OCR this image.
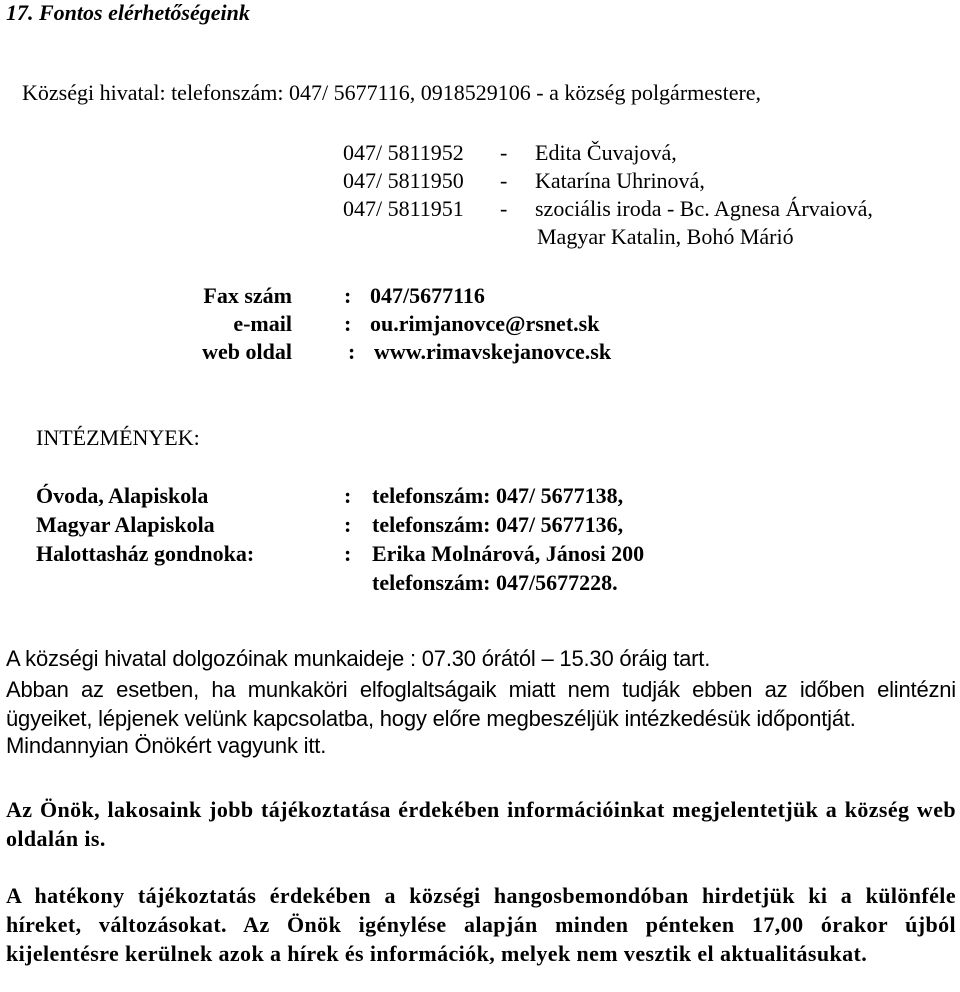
17. Fontos elérhetőségeink
Községi hivatal: telefonszám: 047/ 5677116, 0918529106 - a község polgármestere,
047/ 5811952 - Edita Čuvajová,
047/ 5811950 - Katarína Uhrinová,
047/ 5811951 - szociális iroda - Bc. Agnesa Árvaiová,
Magyar Katalin, Bohó Márió
Fax szám : 047/5677116
e-mail : ou.rimjanovce@rsnet.sk
web oldal	: www.rimavskejanovce.sk
INTÉZMÉNYEK:
Óvoda, Alapiskola	: telefonszám: 047/ 5677138,
Magyar Alapiskola	: telefonszám: 047/ 5677136,
Halottasház gondnoka:	: Erika Molnárová, Jánosi 200
telefonszám: 047/5677228.
A községi hivatal dolgozóinak munkaideje : 07.30 órától – 15.30 óráig tart.
Abban az esetben, ha munkaköri elfoglaltságaik miatt nem tudják ebben az időben elintézni ügyeiket, lépjenek velünk kapcsolatba, hogy előre megbeszéljük intézkedésük időpontját.
Mindannyian Önökért vagyunk itt.
Az Önök, lakosaink jobb tájékoztatása érdekében információinkat megjelentetjük a község web oldalán is.
A hatékony tájékoztatás érdekében a községi hangosbemondóban hirdetjük ki a különféle híreket, változásokat. Az Önök igénylése alapján minden pénteken 17,00 órakor újból kijelentésre kerülnek azok a hírek és információk, melyek nem vesztik el aktualitásukat.
